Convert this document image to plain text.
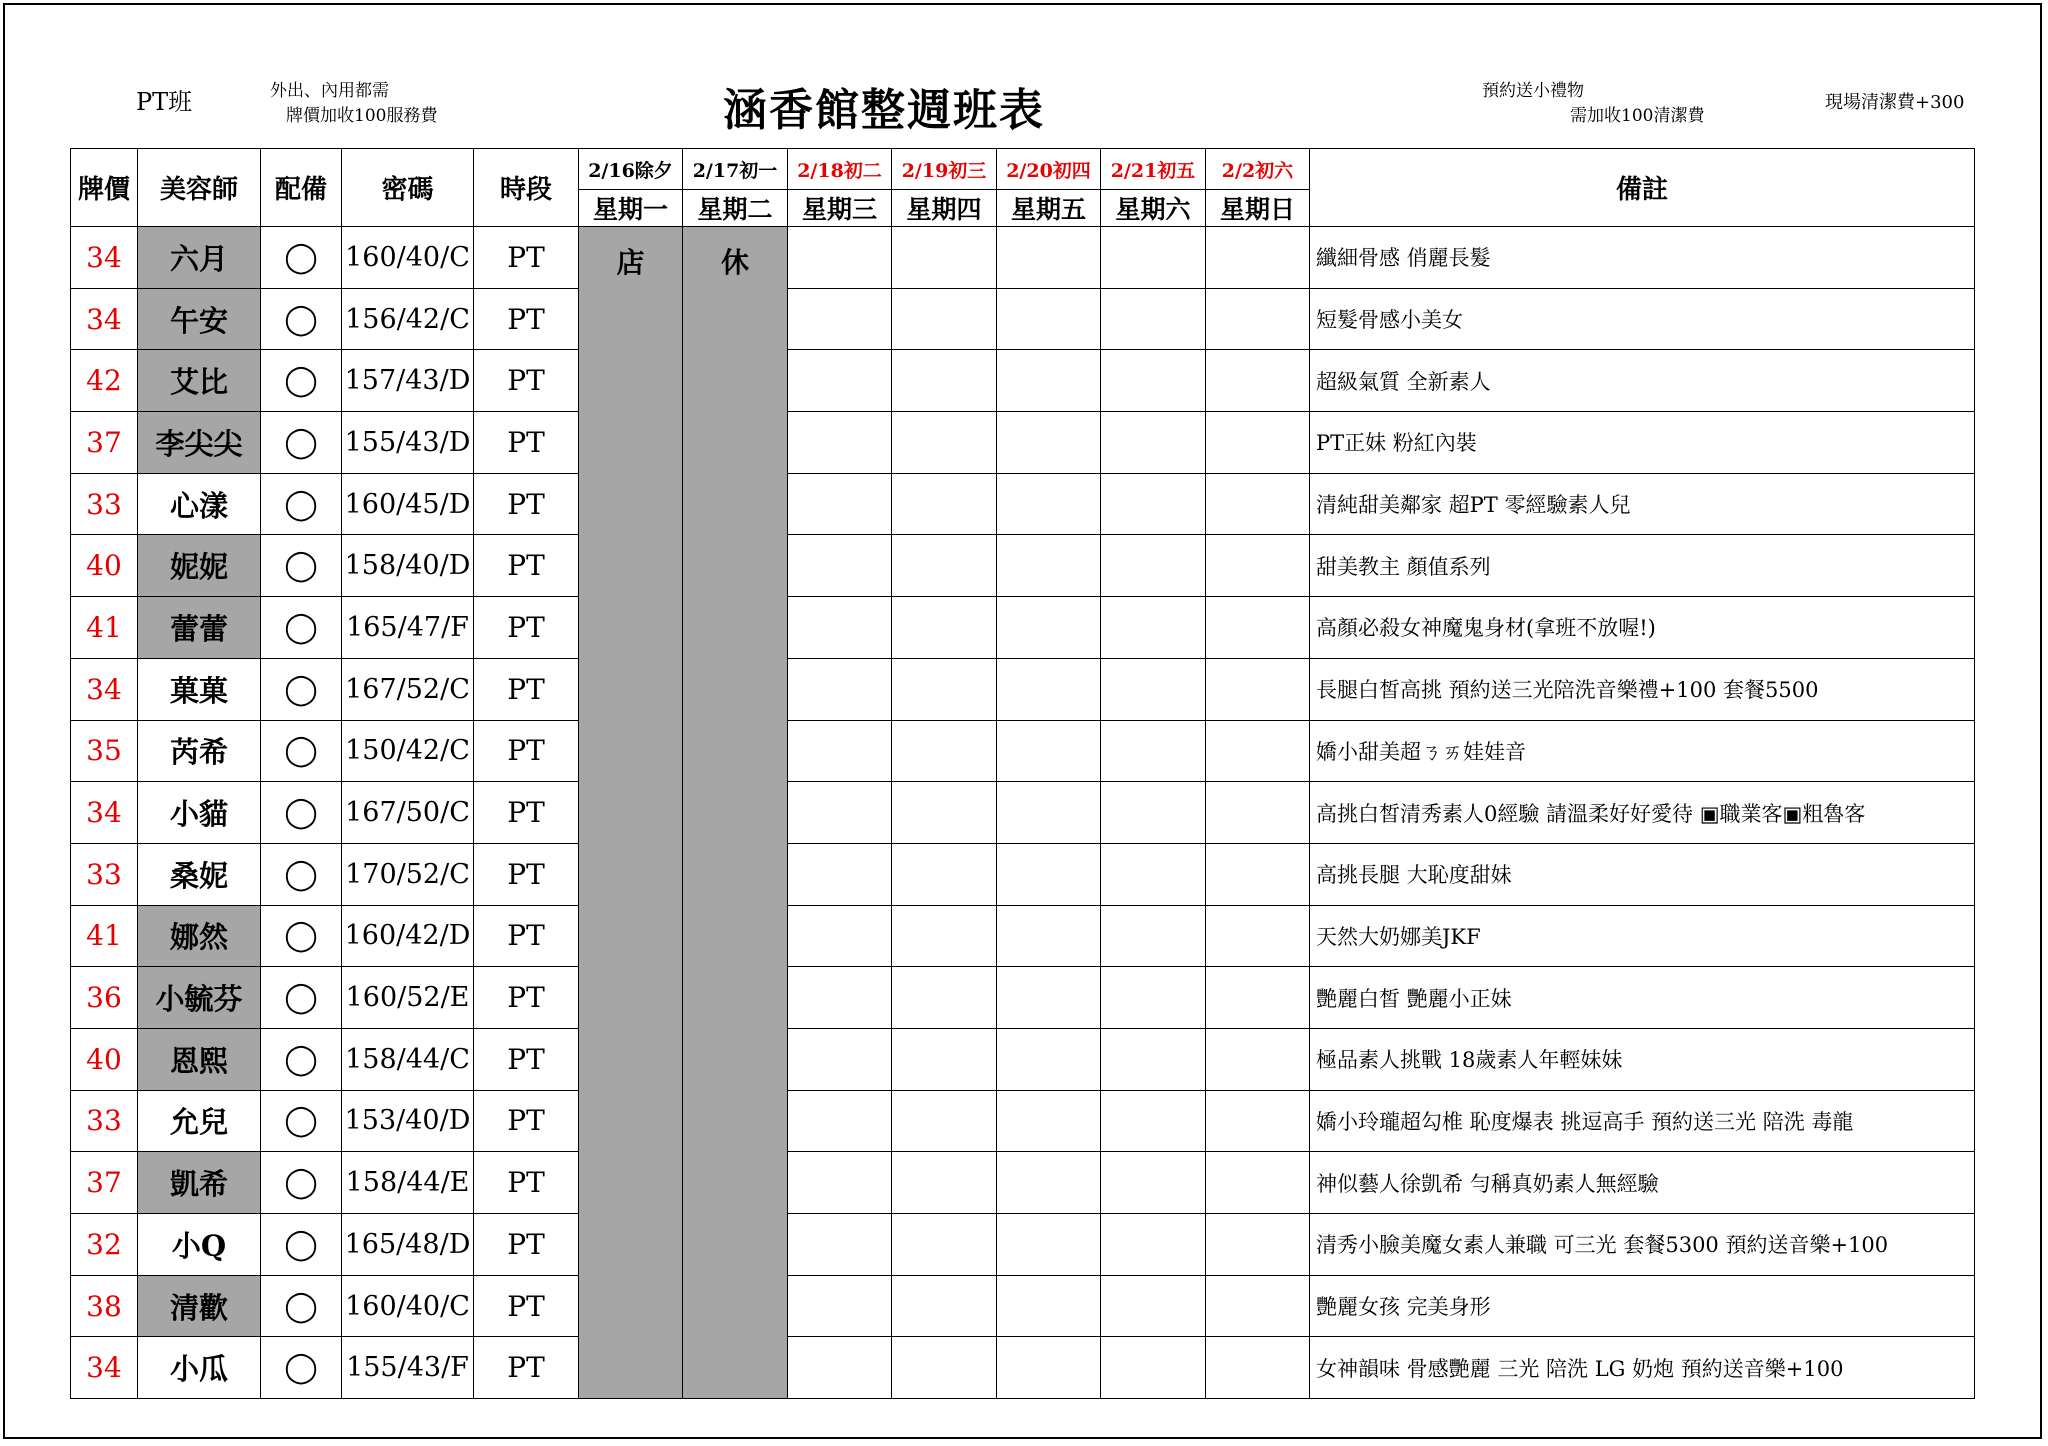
PT班	外出、內用都需
牌價加收100服務費	涵香館整週班表	預約送小禮物
需加收100清潔費
現場清潔費+300
牌價	美容師	配備	密碼	時段	2/16除夕	2/17初一	2/18初二	2/19初三	2/20初四	2/21初五	2/2初六	備註
					星期一	星期二	星期三	星期四	星期五	星期六	星期日	
34	六月	◯	160/40/C	PT	店	休						纖細骨感 俏麗長髮
34	午安	◯	156/42/C	PT								短髮骨感小美女
42	艾比	◯	157/43/D	PT								超級氣質 全新素人
37	李尖尖	◯	155/43/D	PT								PT正妹 粉紅內裝
33	心漾	◯	160/45/D	PT								清純甜美鄰家 超PT 零經驗素人兒
40	妮妮	◯	158/40/D	PT								甜美教主 顏值系列
41	蕾蕾	◯	165/47/F	PT								高顏必殺女神魔鬼身材(拿班不放喔!)
34	菓菓	◯	167/52/C	PT								長腿白皙高挑 預約送三光陪洗音樂禮+100 套餐5500
35	芮希	◯	150/42/C	PT								嬌小甜美超ㄋㄞ娃娃音
34	小貓	◯	167/50/C	PT								高挑白皙清秀素人0經驗 請溫柔好好愛待 ▣職業客▣粗魯客
33	桑妮	◯	170/52/C	PT								高挑長腿 大恥度甜妹
41	娜然	◯	160/42/D	PT								天然大奶娜美JKF
36	小毓芬	◯	160/52/E	PT								艷麗白皙 艷麗小正妹
40	恩熙	◯	158/44/C	PT								極品素人挑戰 18歲素人年輕妹妹
33	允兒	◯	153/40/D	PT								嬌小玲瓏超勾椎 恥度爆表 挑逗高手 預約送三光 陪洗 毒龍
37	凱希	◯	158/44/E	PT								神似藝人徐凱希 勻稱真奶素人無經驗
32	小Q	◯	165/48/D	PT								清秀小臉美魔女素人兼職 可三光 套餐5300 預約送音樂+100
38	清歡	◯	160/40/C	PT								艷麗女孩 完美身形
34	小瓜	◯	155/43/F	PT								女神韻味 骨感艷麗 三光 陪洗 LG 奶炮 預約送音樂+100
